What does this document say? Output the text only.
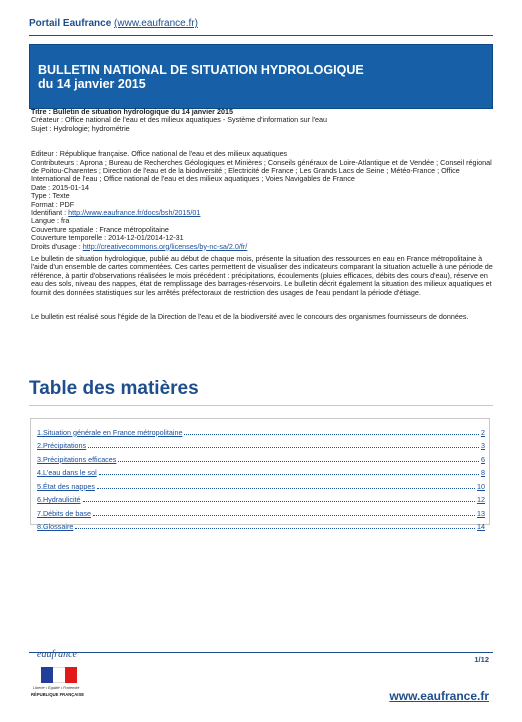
Portail Eaufrance (www.eaufrance.fr)
BULLETIN NATIONAL DE SITUATION HYDROLOGIQUE
du 14 janvier 2015
Titre : Bulletin de situation hydrologique du 14 janvier 2015
Créateur : Office national de l'eau et des milieux aquatiques - Système d'information sur l'eau
Sujet : Hydrologie; hydrométrie
Éditeur : République française. Office national de l'eau et des milieux aquatiques
Contributeurs : Aprona ; Bureau de Recherches Géologiques et Minières ; Conseils généraux de Loire-Atlantique et de Vendée ; Conseil régional de Poitou-Charentes ; Direction de l'eau et de la biodiversité ; Electricité de France ; Les Grands Lacs de Seine ; Météo-France ; Office International de l'eau ; Office national de l'eau et des milieux aquatiques ; Voies Navigables de France
Date : 2015-01-14
Type : Texte
Format : PDF
Identifiant : http://www.eaufrance.fr/docs/bsh/2015/01
Langue : fra
Couverture spatiale : France métropolitaine
Couverture temporelle : 2014-12-01/2014-12-31
Droits d'usage : http://creativecommons.org/licenses/by-nc-sa/2.0/fr/
Le bulletin de situation hydrologique, publié au début de chaque mois, présente la situation des ressources en eau en France métropolitaine à l'aide d'un ensemble de cartes commentées. Ces cartes permettent de visualiser des indicateurs comparant la situation actuelle à une période de référence, à partir d'observations réalisées le mois précédent : précipitations, écoulements (pluies efficaces, débits des cours d'eau), réserve en eau des sols, niveau des nappes, état de remplissage des barrages-réservoirs. Le bulletin décrit également la situation des milieux aquatiques et fournit des données statistiques sur les arrêtés préfectoraux de restriction des usages de l'eau pendant la période d'étiage.
Le bulletin est réalisé sous l'égide de la Direction de l'eau et de la biodiversité avec le concours des organismes fournisseurs de données.
Table des matières
1.Situation générale en France métropolitaine	2
2.Précipitations	3
3.Précipitations efficaces	6
4.L'eau dans le sol	8
5.État des nappes	10
6.Hydraulicité	12
7.Débits de base	13
8.Glossaire	14
eaufrance
Liberté • Égalité • Fraternité
RÉPUBLIQUE FRANÇAISE
1/12
www.eaufrance.fr
